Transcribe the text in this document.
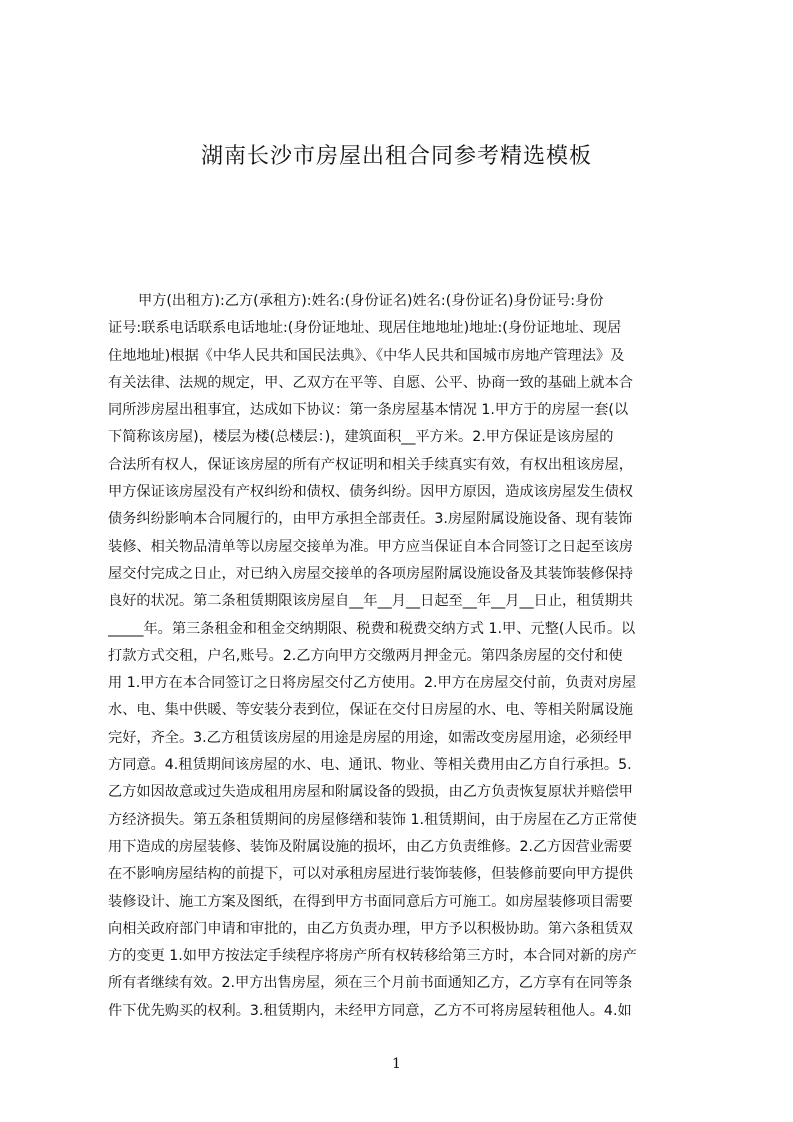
湖南长沙市房屋出租合同参考精选模板
甲方(出租方):乙方(承租方):姓名:(身份证名)姓名:(身份证名)身份证号:身份
证号:联系电话联系电话地址:(身份证地址、现居住地地址)地址:(身份证地址、现居
住地地址)根据《中华人民共和国民法典》、《中华人民共和国城市房地产管理法》及
有关法律、法规的规定，甲、乙双方在平等、自愿、公平、协商一致的基础上就本合
同所涉房屋出租事宜，达成如下协议：第一条房屋基本情况 1.甲方于的房屋一套(以
下简称该房屋)，楼层为楼(总楼层：)，建筑面积__平方米。2.甲方保证是该房屋的
合法所有权人，保证该房屋的所有产权证明和相关手续真实有效，有权出租该房屋，
甲方保证该房屋没有产权纠纷和债权、债务纠纷。因甲方原因，造成该房屋发生债权
债务纠纷影响本合同履行的，由甲方承担全部责任。3.房屋附属设施设备、现有装饰
装修、相关物品清单等以房屋交接单为准。甲方应当保证自本合同签订之日起至该房
屋交付完成之日止，对已纳入房屋交接单的各项房屋附属设施设备及其装饰装修保持
良好的状况。第二条租赁期限该房屋自__年__月__日起至__年__月__日止，租赁期共
_____年。第三条租金和租金交纳期限、税费和税费交纳方式 1.甲、元整(人民币。以
打款方式交租，户名,账号。2.乙方向甲方交缴两月押金元。第四条房屋的交付和使
用 1.甲方在本合同签订之日将房屋交付乙方使用。2.甲方在房屋交付前，负责对房屋
水、电、集中供暖、等安装分表到位，保证在交付日房屋的水、电、等相关附属设施
完好，齐全。3.乙方租赁该房屋的用途是房屋的用途，如需改变房屋用途，必须经甲
方同意。4.租赁期间该房屋的水、电、通讯、物业、等相关费用由乙方自行承担。5.
乙方如因故意或过失造成租用房屋和附属设备的毁损，由乙方负责恢复原状并赔偿甲
方经济损失。第五条租赁期间的房屋修缮和装饰 1.租赁期间，由于房屋在乙方正常使
用下造成的房屋装修、装饰及附属设施的损坏，由乙方负责维修。2.乙方因营业需要
在不影响房屋结构的前提下，可以对承租房屋进行装饰装修，但装修前要向甲方提供
装修设计、施工方案及图纸，在得到甲方书面同意后方可施工。如房屋装修项目需要
向相关政府部门申请和审批的，由乙方负责办理，甲方予以积极协助。第六条租赁双
方的变更 1.如甲方按法定手续程序将房产所有权转移给第三方时，本合同对新的房产
所有者继续有效。2.甲方出售房屋，须在三个月前书面通知乙方，乙方享有在同等条
件下优先购买的权利。3.租赁期内，未经甲方同意，乙方不可将房屋转租他人。4.如
1
